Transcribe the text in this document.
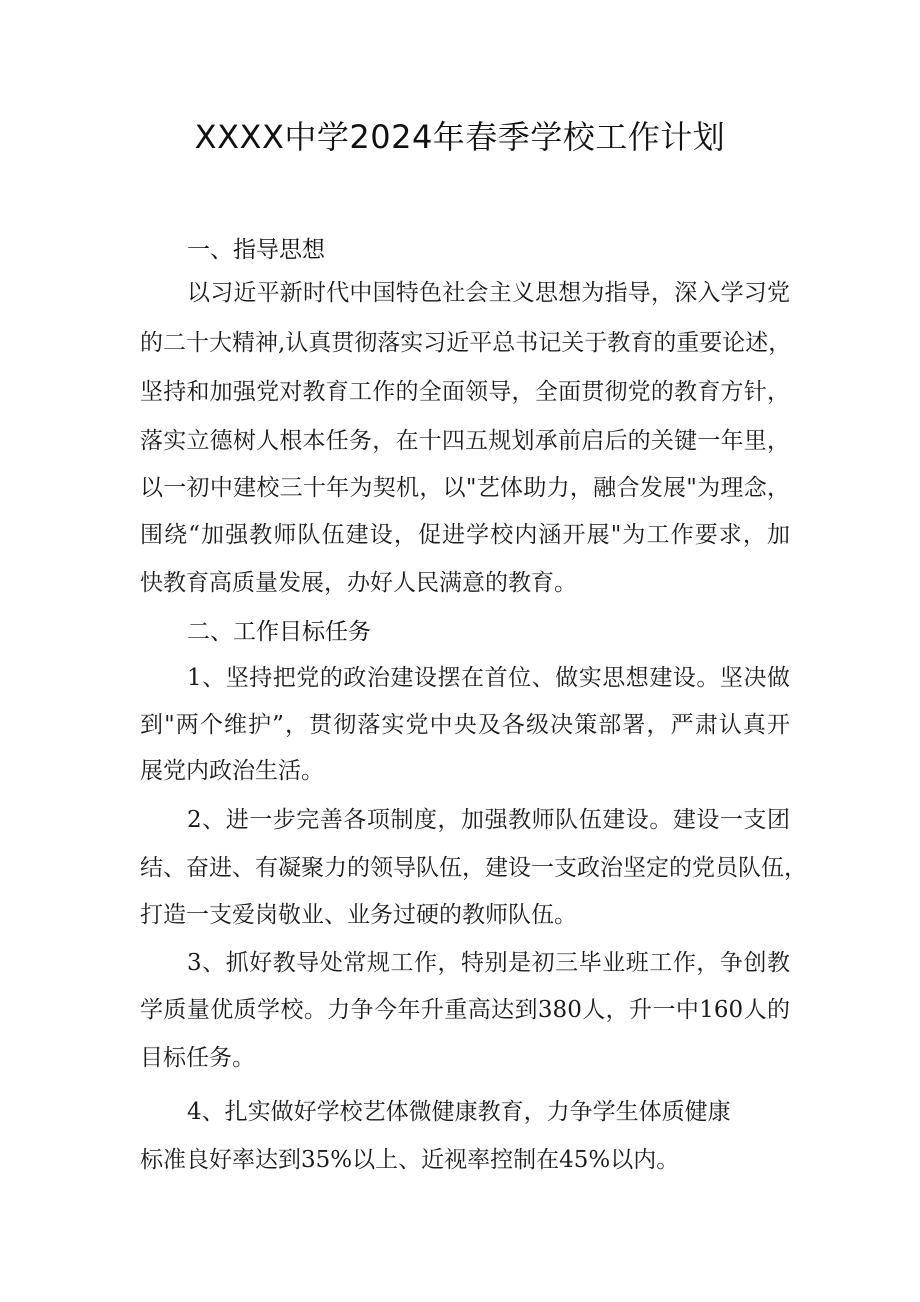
XXXX中学2024年春季学校工作计划
一、指导思想
以习近平新时代中国特色社会主义思想为指导，深入学习党
的二十大精神,认真贯彻落实习近平总书记关于教育的重要论述，
坚持和加强党对教育工作的全面领导，全面贯彻党的教育方针，
落实立德树人根本任务，在十四五规划承前启后的关键一年里，
以一初中建校三十年为契机，以"艺体助力，融合发展"为理念，
围绕“加强教师队伍建设，促进学校内涵开展"为工作要求，加
快教育高质量发展，办好人民满意的教育。
二、工作目标任务
1、坚持把党的政治建设摆在首位、做实思想建设。坚决做
到"两个维护”，贯彻落实党中央及各级决策部署，严肃认真开
展党内政治生活。
2、进一步完善各项制度，加强教师队伍建设。建设一支团
结、奋进、有凝聚力的领导队伍，建设一支政治坚定的党员队伍，
打造一支爱岗敬业、业务过硬的教师队伍。
3、抓好教导处常规工作，特别是初三毕业班工作，争创教
学质量优质学校。力争今年升重高达到380人，升一中160人的
目标任务。
4、扎实做好学校艺体微健康教育，力争学生体质健康
标准良好率达到35%以上、近视率控制在45%以内。
